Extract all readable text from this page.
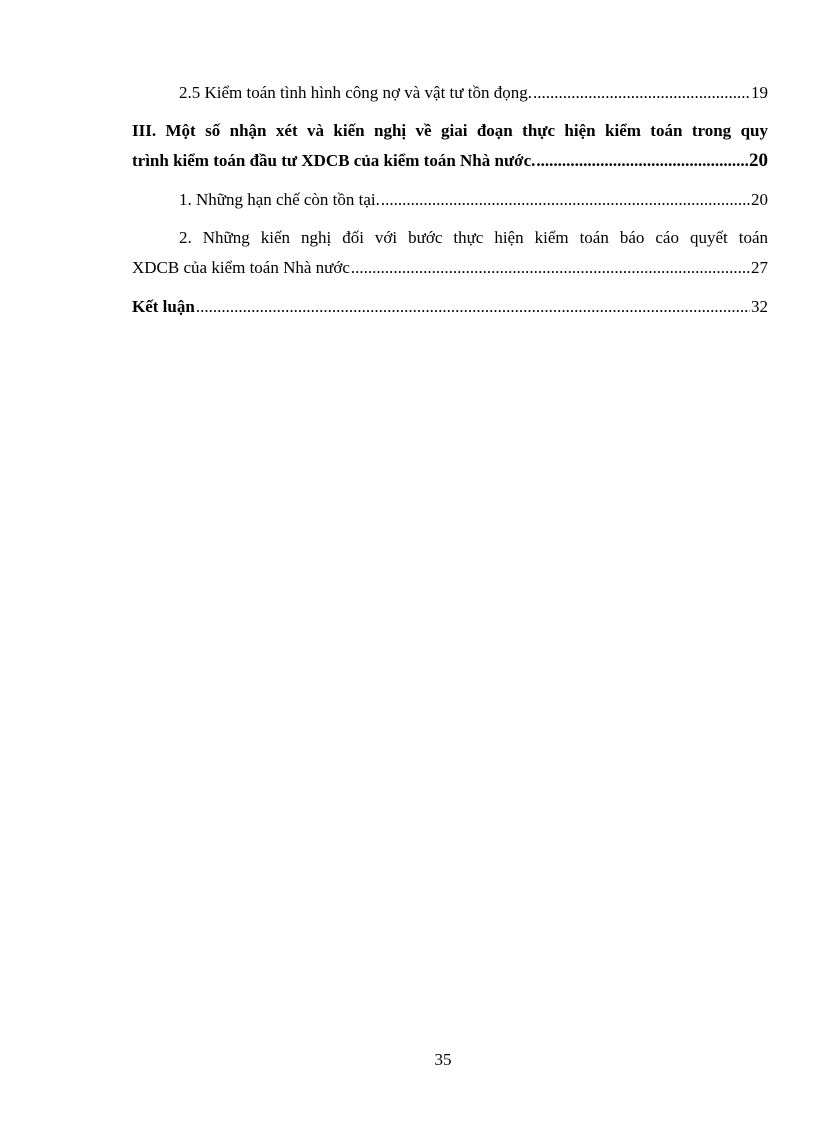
2.5 Kiểm toán tình hình công nợ và vật tư tồn đọng. .....	19
III. Một số nhận xét và kiến nghị về giai đoạn thực hiện kiểm toán trong quy
trình kiểm toán đầu tư XDCB của kiểm toán Nhà nước. .....	20
1. Những hạn chế còn tồn tại. .....	20
2. Những kiến nghị đối với bước thực hiện kiểm toán báo cáo quyết toán
XDCB của kiểm toán Nhà nước .....	27
Kết luận .....	32
35
